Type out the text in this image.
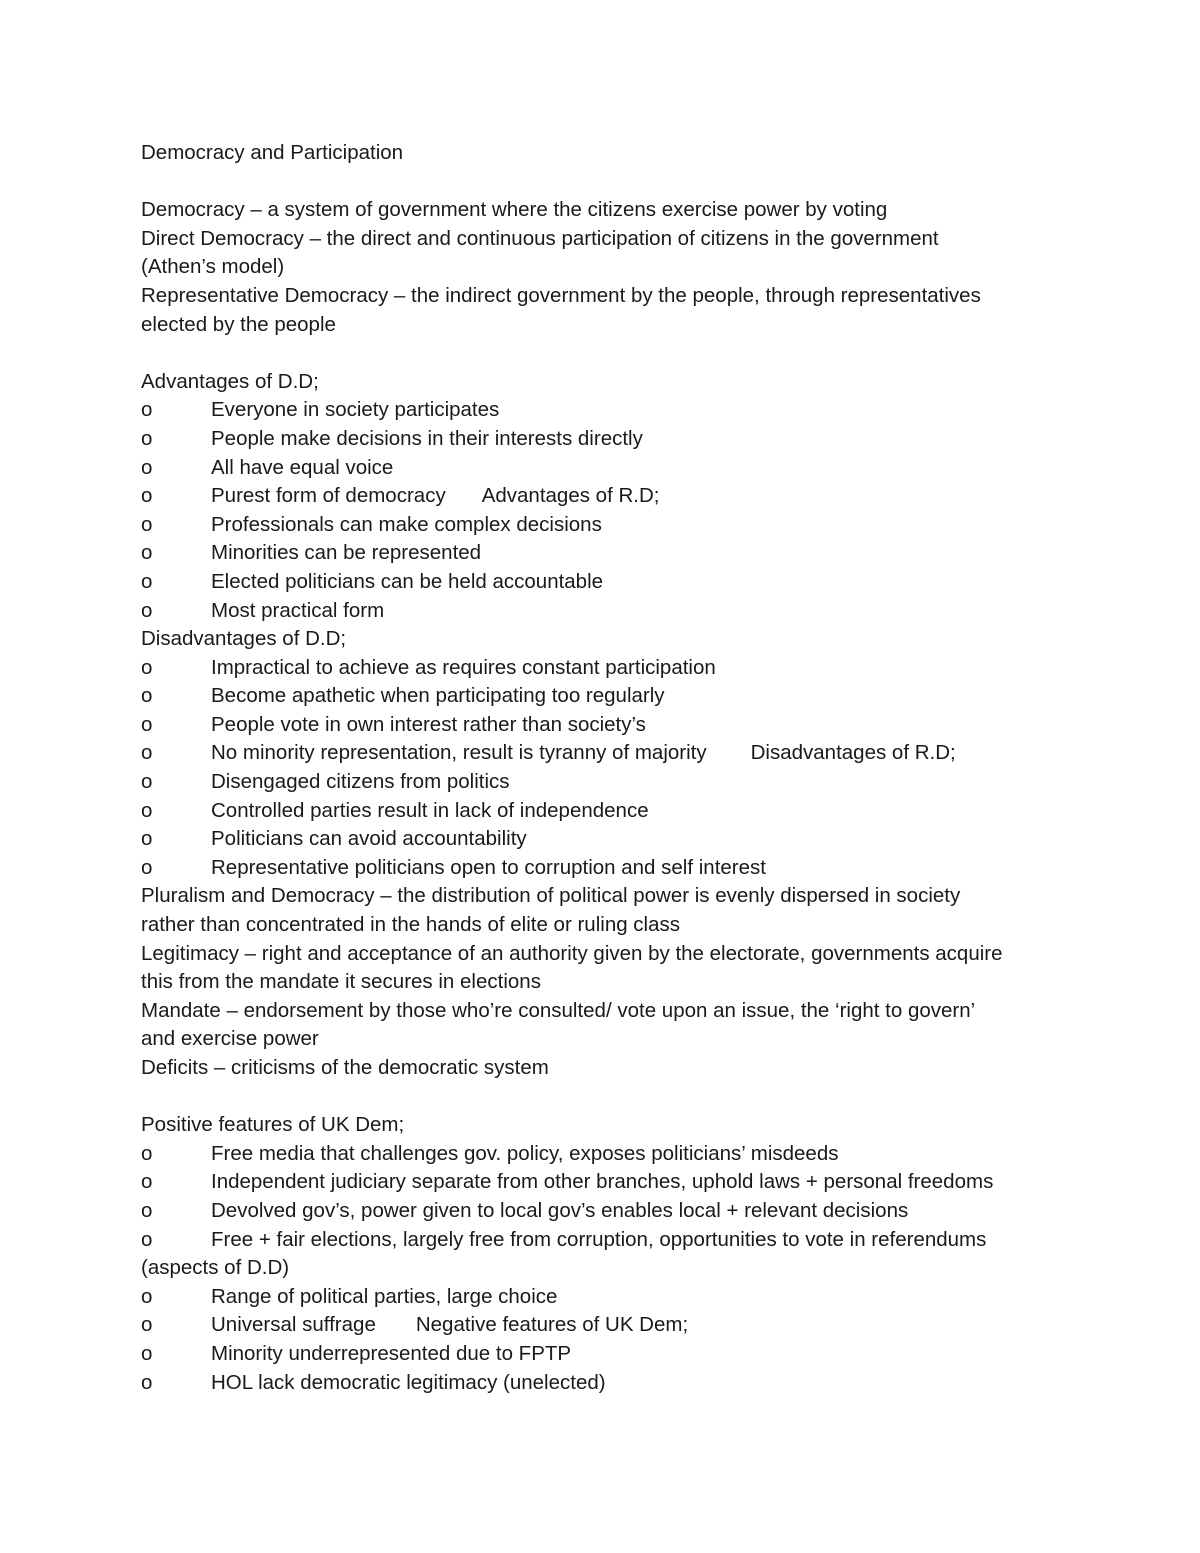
Democracy and Participation
Democracy – a system of government where the citizens exercise power by voting
Direct Democracy – the direct and continuous participation of citizens in the government
(Athen’s model)
Representative Democracy – the indirect government by the people, through representatives
elected by the people
Advantages of D.D;
o	Everyone in society participates
o	People make decisions in their interests directly
o	All have equal voice
o	Purest form of democracy Advantages of R.D;
o	Professionals can make complex decisions
o	Minorities can be represented
o	Elected politicians can be held accountable
o	Most practical form
Disadvantages of D.D;
o	Impractical to achieve as requires constant participation
o	Become apathetic when participating too regularly
o	People vote in own interest rather than society’s
o	No minority representation, result is tyranny of majority Disadvantages of R.D;
o	Disengaged citizens from politics
o	Controlled parties result in lack of independence
o	Politicians can avoid accountability
o	Representative politicians open to corruption and self interest
Pluralism and Democracy – the distribution of political power is evenly dispersed in society
rather than concentrated in the hands of elite or ruling class
Legitimacy – right and acceptance of an authority given by the electorate, governments acquire
this from the mandate it secures in elections
Mandate – endorsement by those who’re consulted/ vote upon an issue, the ‘right to govern’
and exercise power
Deficits – criticisms of the democratic system
Positive features of UK Dem;
o	Free media that challenges gov. policy, exposes politicians’ misdeeds
o	Independent judiciary separate from other branches, uphold laws + personal freedoms
o	Devolved gov’s, power given to local gov’s enables local + relevant decisions
o	Free + fair elections, largely free from corruption, opportunities to vote in referendums
(aspects of D.D)
o	Range of political parties, large choice
o	Universal suffrage Negative features of UK Dem;
o	Minority underrepresented due to FPTP
o	HOL lack democratic legitimacy (unelected)
